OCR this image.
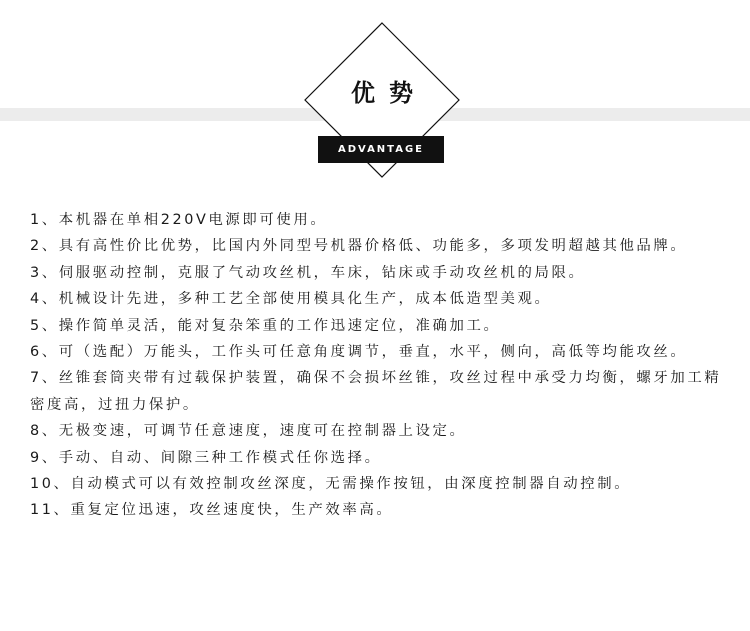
优势
ADVANTAGE
1、本机器在单相220V电源即可使用。
2、具有高性价比优势，比国内外同型号机器价格低、功能多，多项发明超越其他品牌。
3、伺服驱动控制，克服了气动攻丝机，车床，钻床或手动攻丝机的局限。
4、机械设计先进，多种工艺全部使用模具化生产，成本低造型美观。
5、操作简单灵活，能对复杂笨重的工作迅速定位，准确加工。
6、可（选配）万能头，工作头可任意角度调节，垂直，水平，侧向，高低等均能攻丝。
7、丝锥套筒夹带有过载保护装置，确保不会损坏丝锥，攻丝过程中承受力均衡，螺牙加工精密度高，过扭力保护。
8、无极变速，可调节任意速度，速度可在控制器上设定。
9、手动、自动、间隙三种工作模式任你选择。
10、自动模式可以有效控制攻丝深度，无需操作按钮，由深度控制器自动控制。
11、重复定位迅速，攻丝速度快，生产效率高。
